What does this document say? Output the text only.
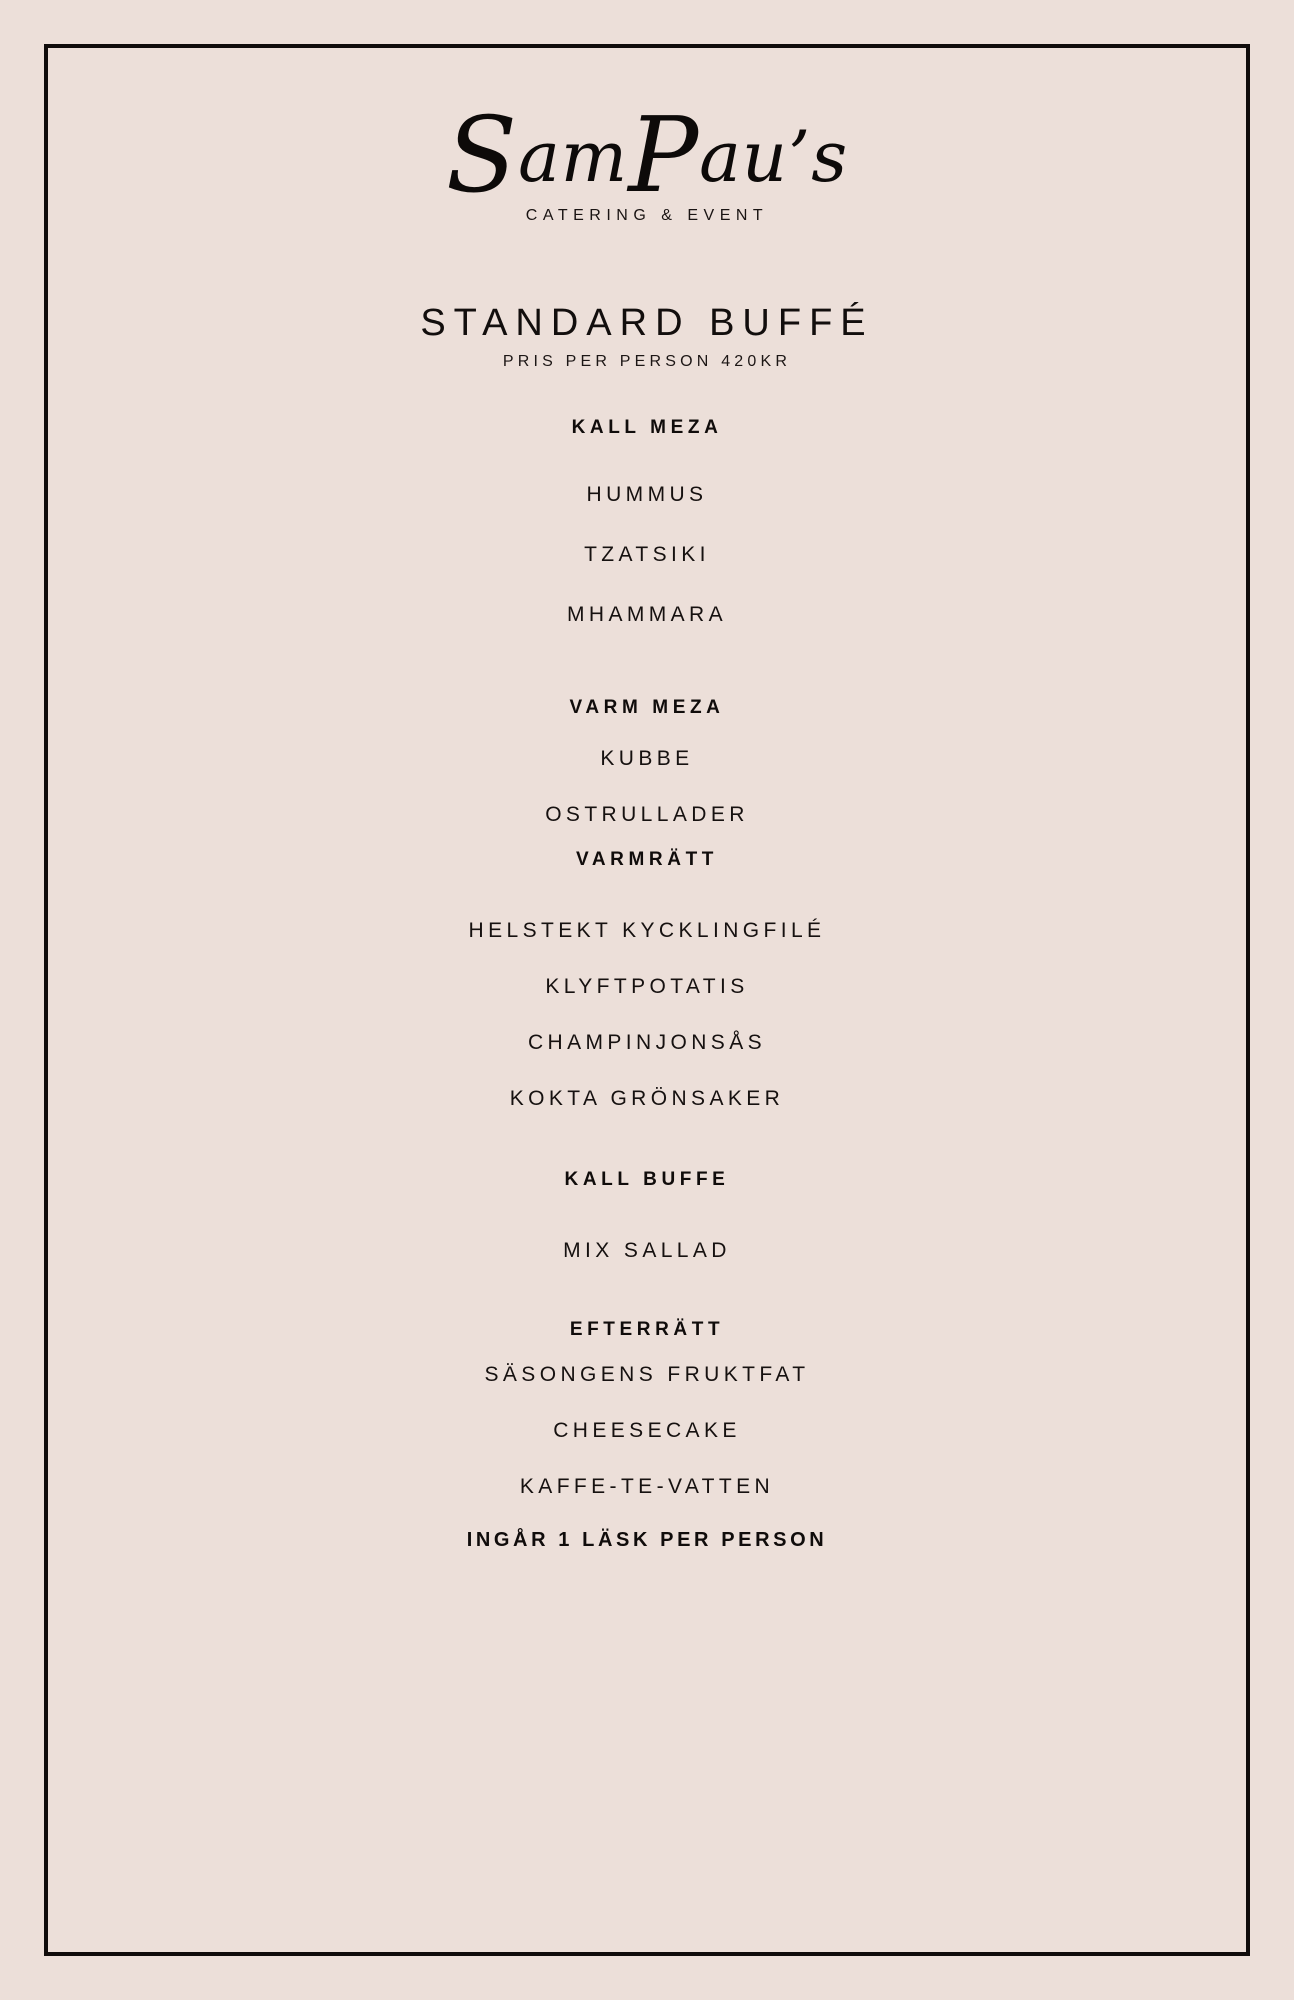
SamPau’s
CATERING & EVENT
STANDARD BUFFÉ
PRIS PER PERSON 420KR
KALL MEZA
HUMMUS
TZATSIKI
MHAMMARA
VARM MEZA
KUBBE
OSTRULLADER
VARMRÄTT
HELSTEKT KYCKLINGFILÉ
KLYFTPOTATIS
CHAMPINJONSÅS
KOKTA GRÖNSAKER
KALL BUFFE
MIX SALLAD
EFTERRÄTT
SÄSONGENS FRUKTFAT
CHEESECAKE
KAFFE-TE-VATTEN
INGÅR 1 LÄSK PER PERSON
